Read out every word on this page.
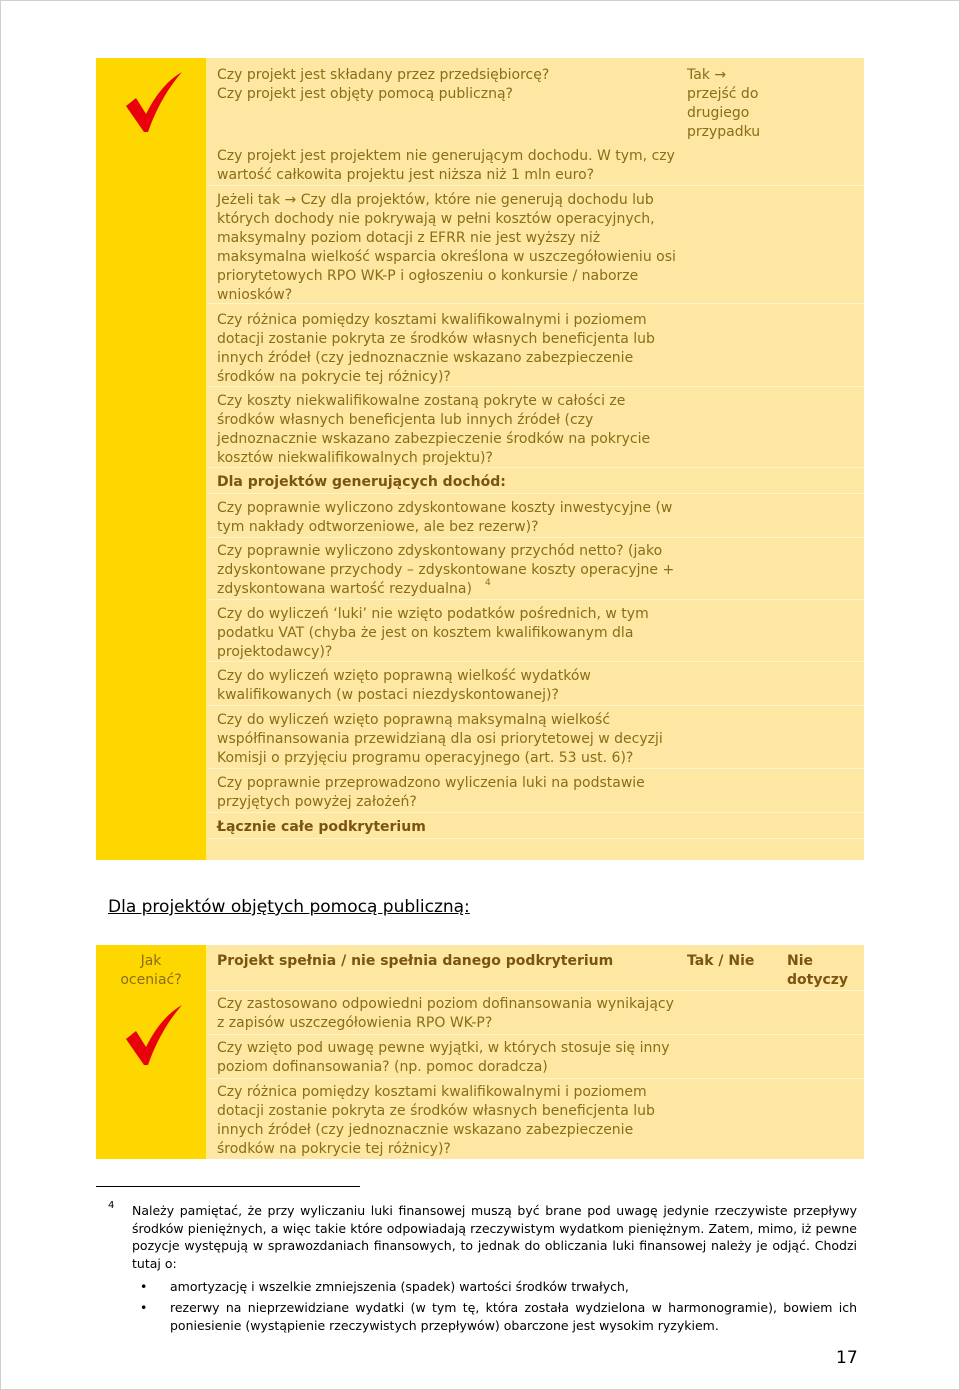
Czy projekt jest składany przez przedsiębiorcę?
Czy projekt jest objęty pomocą publiczną?

Tak →
przejść do
drugiego
przypadku

Czy projekt jest projektem nie generującym dochodu. W tym, czy wartość całkowita projektu jest niższa niż 1 mln euro?

Jeżeli tak → Czy dla projektów, które nie generują dochodu lub których dochody nie pokrywają w pełni kosztów operacyjnych, maksymalny poziom dotacji z EFRR nie jest wyższy niż maksymalna wielkość wsparcia określona w uszczegółowieniu osi priorytetowych RPO WK-P i ogłoszeniu o konkursie / naborze wniosków?

Czy różnica pomiędzy kosztami kwalifikowalnymi i poziomem dotacji zostanie pokryta ze środków własnych beneficjenta lub innych źródeł (czy jednoznacznie wskazano zabezpieczenie środków na pokrycie tej różnicy)?

Czy koszty niekwalifikowalne zostaną pokryte w całości ze środków własnych beneficjenta lub innych źródeł (czy jednoznacznie wskazano zabezpieczenie środków na pokrycie kosztów niekwalifikowalnych projektu)?

Dla projektów generujących dochód:

Czy poprawnie wyliczono zdyskontowane koszty inwestycyjne (w tym nakłady odtworzeniowe, ale bez rezerw)?

Czy poprawnie wyliczono zdyskontowany przychód netto? (jako zdyskontowane przychody – zdyskontowane koszty operacyjne + zdyskontowana wartość rezydualna)	4

Czy do wyliczeń ‘luki’ nie wzięto podatków pośrednich, w tym podatku VAT (chyba że jest on kosztem kwalifikowanym dla projektodawcy)?

Czy do wyliczeń wzięto poprawną wielkość wydatków kwalifikowanych (w postaci niezdyskontowanej)?

Czy do wyliczeń wzięto poprawną maksymalną wielkość współfinansowania przewidzianą dla osi priorytetowej w decyzji Komisji o przyjęciu programu operacyjnego (art. 53 ust. 6)?

Czy poprawnie przeprowadzono wyliczenia luki na podstawie przyjętych powyżej założeń?

Łącznie całe podkryterium

Dla projektów objętych pomocą publiczną:
Jak
oceniać?
Projekt spełnia / nie spełnia danego podkryterium	Tak / Nie Nie
dotyczy

Czy zastosowano odpowiedni poziom dofinansowania wynikający z zapisów uszczegółowienia RPO WK-P?

Czy wzięto pod uwagę pewne wyjątki, w których stosuje się inny poziom dofinansowania? (np. pomoc doradcza)

Czy różnica pomiędzy kosztami kwalifikowalnymi i poziomem dotacji zostanie pokryta ze środków własnych beneficjenta lub innych źródeł (czy jednoznacznie wskazano zabezpieczenie środków na pokrycie tej różnicy)?

4 Należy pamiętać, że przy wyliczaniu luki finansowej muszą być brane pod uwagę jedynie rzeczywiste przepływy środków pieniężnych, a więc takie które odpowiadają rzeczywistym wydatkom pieniężnym. Zatem, mimo, iż pewne pozycje występują w sprawozdaniach finansowych, to jednak do obliczania luki finansowej należy je odjąć. Chodzi tutaj o:

• amortyzację i wszelkie zmniejszenia (spadek) wartości środków trwałych,
• rezerwy na nieprzewidziane wydatki (w tym tę, która została wydzielona w harmonogramie), bowiem ich poniesienie (wystąpienie rzeczywistych przepływów) obarczone jest wysokim ryzykiem.
17
